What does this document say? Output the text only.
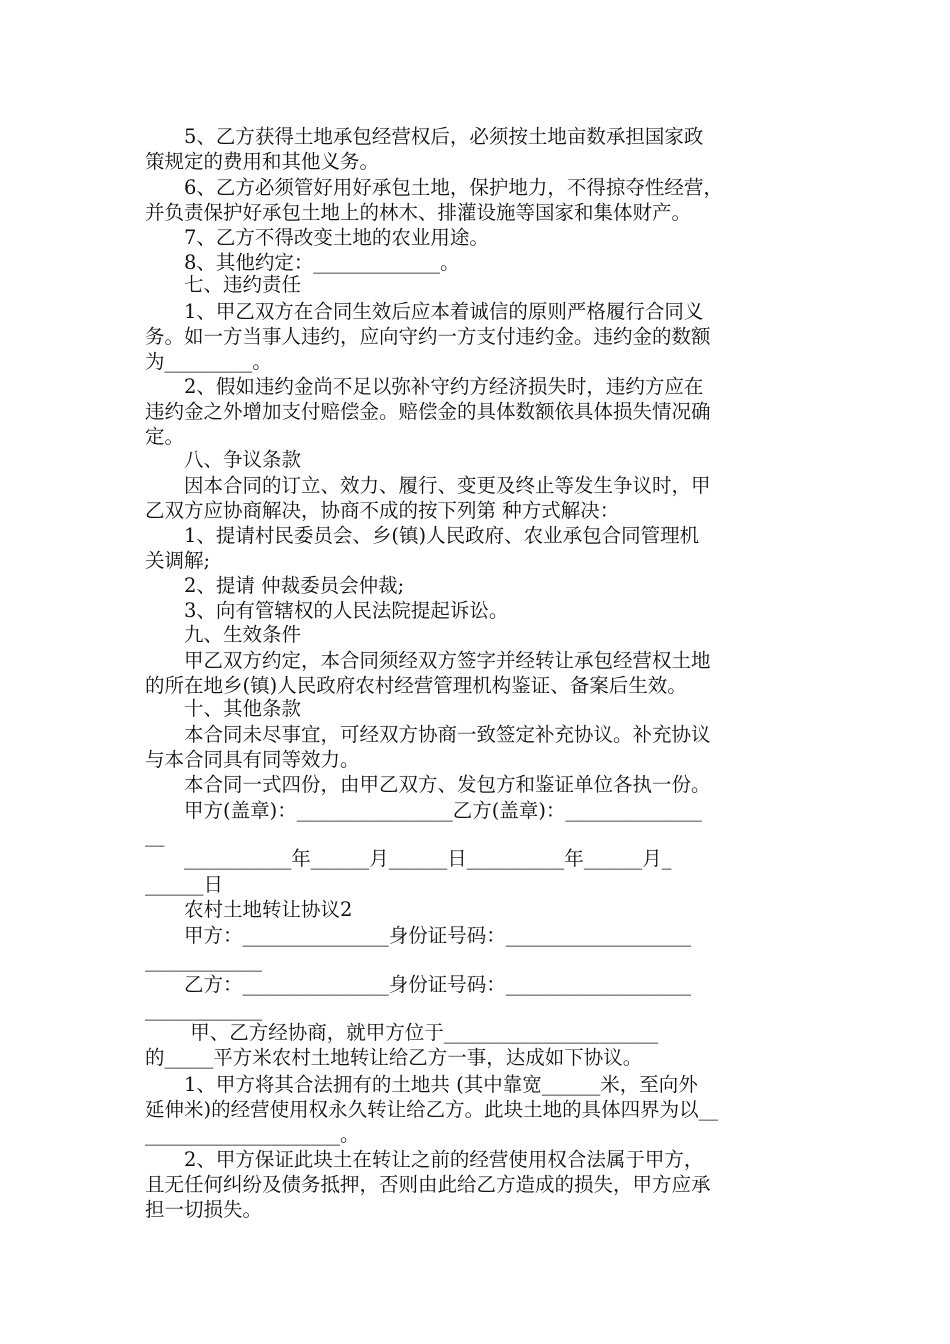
　　5、乙方获得土地承包经营权后，必须按土地亩数承担国家政
策规定的费用和其他义务。
　　6、乙方必须管好用好承包土地，保护地力，不得掠夺性经营，
并负责保护好承包土地上的林木、排灌设施等国家和集体财产。
　　7、乙方不得改变土地的农业用途。
　　8、其他约定：_____________。
　　七、违约责任
　　1、甲乙双方在合同生效后应本着诚信的原则严格履行合同义
务。如一方当事人违约，应向守约一方支付违约金。违约金的数额
为_________。
　　2、假如违约金尚不足以弥补守约方经济损失时，违约方应在
违约金之外增加支付赔偿金。赔偿金的具体数额依具体损失情况确
定。
　　八、争议条款
　　因本合同的订立、效力、履行、变更及终止等发生争议时，甲
乙双方应协商解决，协商不成的按下列第 种方式解决：
　　1、提请村民委员会、乡(镇)人民政府、农业承包合同管理机
关调解;
　　2、提请 仲裁委员会仲裁;
　　3、向有管辖权的人民法院提起诉讼。
　　九、生效条件
　　甲乙双方约定，本合同须经双方签字并经转让承包经营权土地
的所在地乡(镇)人民政府农村经营管理机构鉴证、备案后生效。
　　十、其他条款
　　本合同未尽事宜，可经双方协商一致签定补充协议。补充协议
与本合同具有同等效力。
　　本合同一式四份，由甲乙双方、发包方和鉴证单位各执一份。
　　甲方(盖章)：________________乙方(盖章)：______________
__
　　___________年______月______日__________年______月_
______日
　　农村土地转让协议2
　　甲方：_______________身份证号码：___________________
____________
　　乙方：_______________身份证号码：___________________
____________
　　 甲、乙方经协商，就甲方位于______________________
的_____平方米农村土地转让给乙方一事，达成如下协议。
　　1、甲方将其合法拥有的土地共 (其中靠宽______米，至向外
延伸米)的经营使用权永久转让给乙方。此块土地的具体四界为以__
____________________。
　　2、甲方保证此块土在转让之前的经营使用权合法属于甲方，
且无任何纠纷及债务抵押，否则由此给乙方造成的损失，甲方应承
担一切损失。
